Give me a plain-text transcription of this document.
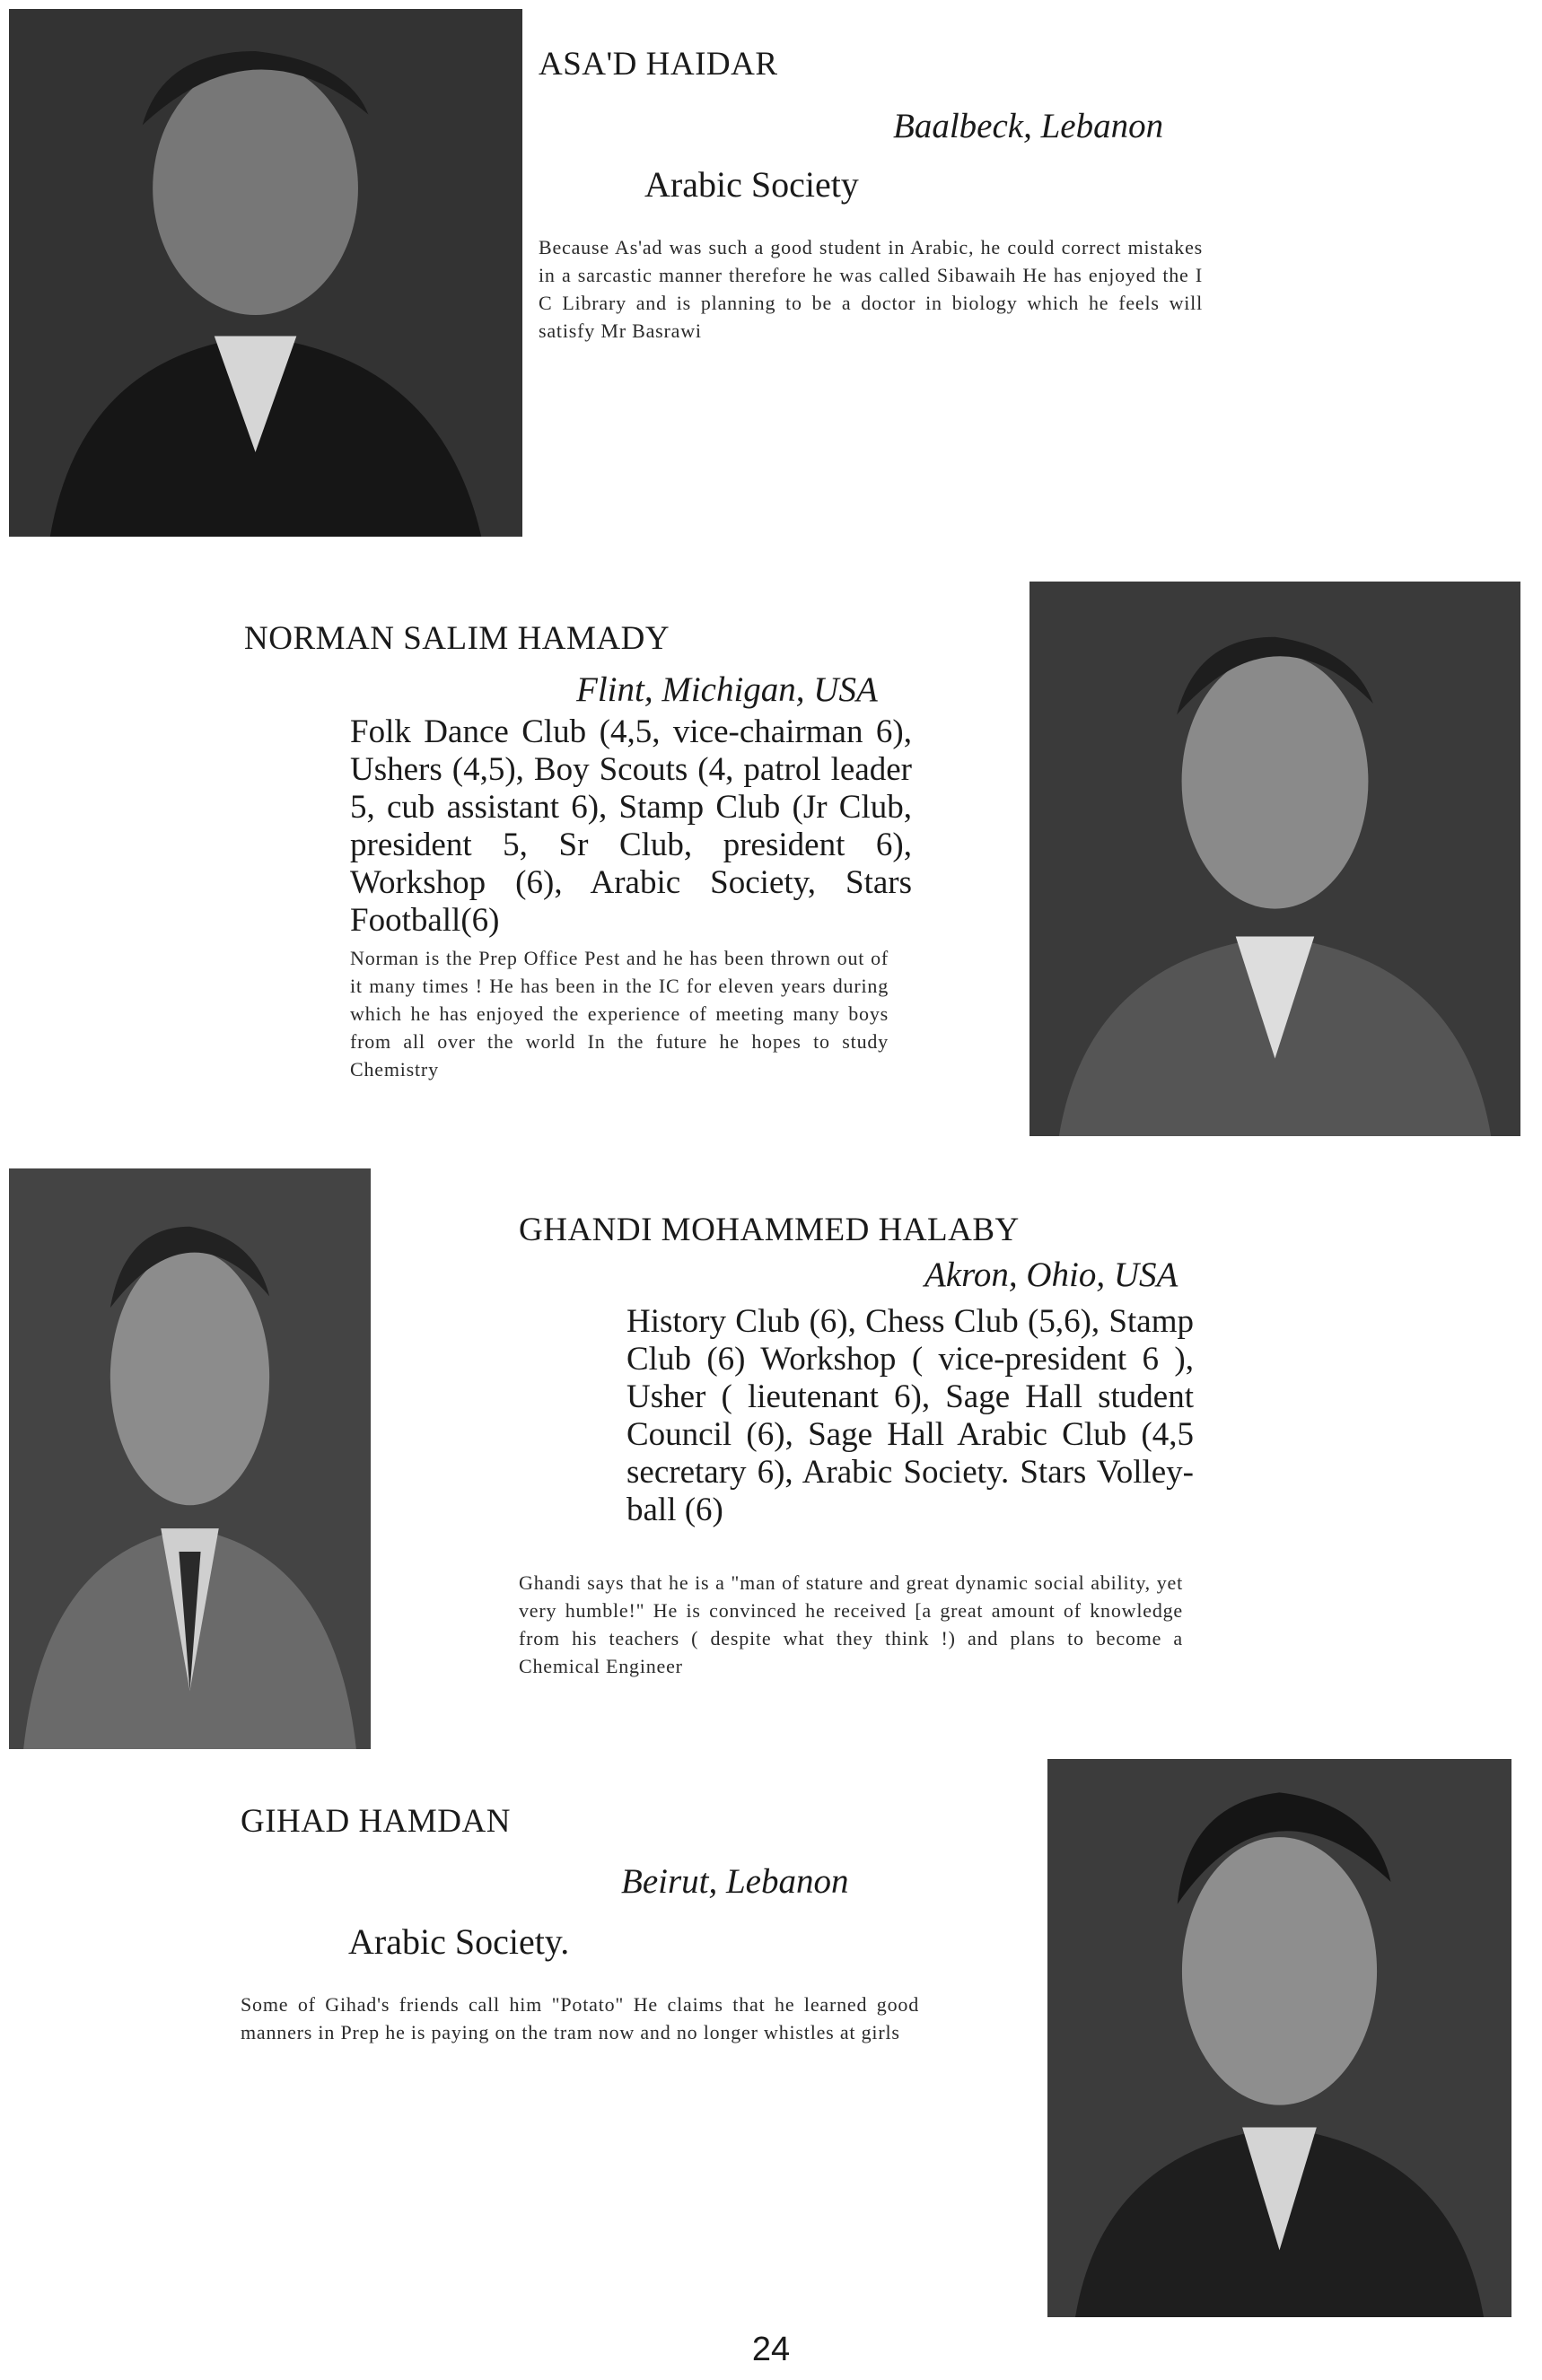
ASA'D HAIDAR
Baalbeck, Lebanon
Arabic Society
Because As'ad was such a good student in Arabic, he could correct mistakes in a sarcastic manner therefore he was called Sibawaih He has enjoyed the I C Library and is planning to be a doctor in biology which he feels will satisfy Mr Basrawi
NORMAN SALIM HAMADY
Flint, Michigan, USA
Folk Dance Club (4,5, vice-chairman 6), Ushers (4,5), Boy Scouts (4, patrol leader 5, cub assistant 6), Stamp Club (Jr Club, president 5, Sr Club, president 6), Workshop (6), Arabic Society, Stars Football(6)
Norman is the Prep Office Pest and he has been thrown out of it many times ! He has been in the IC for eleven years during which he has enjoyed the experience of meeting many boys from all over the world In the future he hopes to study Chemistry
GHANDI MOHAMMED HALABY
Akron, Ohio, USA
History Club (6), Chess Club (5,6), Stamp Club (6) Workshop ( vice-president 6 ), Usher ( lieutenant 6), Sage Hall student Council (6), Sage Hall Arabic Club (4,5 secretary 6), Arabic Society. Stars Volley-ball (6)
Ghandi says that he is a "man of stature and great dynamic social ability, yet very humble!" He is convinced he received [a great amount of knowledge from his teachers ( despite what they think !) and plans to become a Chemical Engineer
GIHAD HAMDAN
Beirut, Lebanon
Arabic Society.
Some of Gihad's friends call him "Potato" He claims that he learned good manners in Prep he is paying on the tram now and no longer whistles at girls
24
